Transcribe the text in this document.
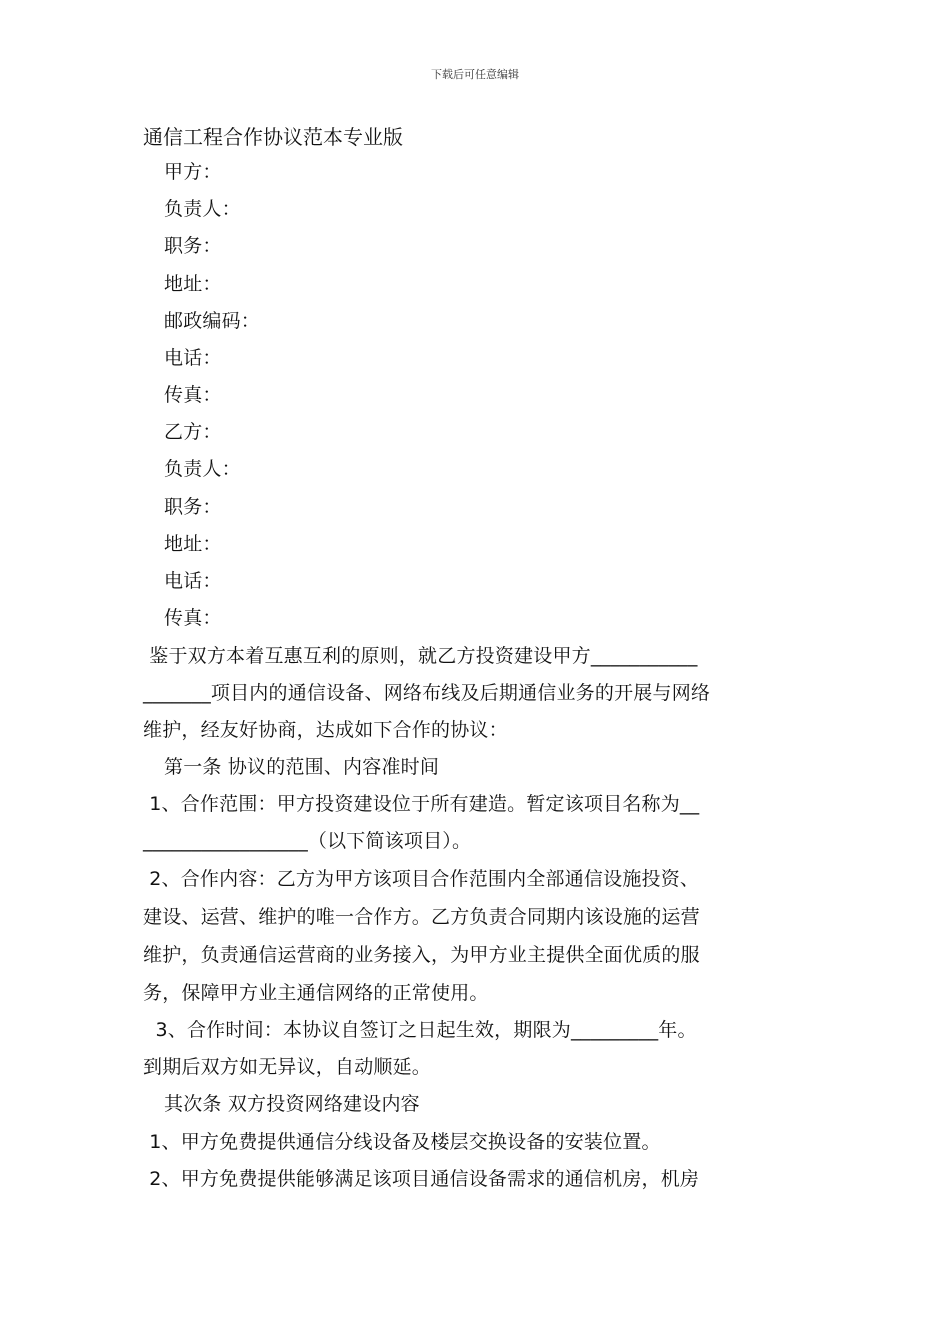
下载后可任意编辑
通信工程合作协议范本专业版
甲方：
负责人：
职务：
地址：
邮政编码：
电话：
传真：
乙方：
负责人：
职务：
地址：
电话：
传真：
鉴于双方本着互惠互利的原则，就乙方投资建设甲方___________
_______项目内的通信设备、网络布线及后期通信业务的开展与网络
维护，经友好协商，达成如下合作的协议：
第一条 协议的范围、内容准时间
1、合作范围：甲方投资建设位于所有建造。暂定该项目名称为__
_________________（以下简该项目）。
2、合作内容：乙方为甲方该项目合作范围内全部通信设施投资、
建设、运营、维护的唯一合作方。乙方负责合同期内该设施的运营
维护，负责通信运营商的业务接入，为甲方业主提供全面优质的服
务，保障甲方业主通信网络的正常使用。
3、合作时间：本协议自签订之日起生效，期限为_________年。
到期后双方如无异议，自动顺延。
其次条 双方投资网络建设内容
1、甲方免费提供通信分线设备及楼层交换设备的安装位置。
2、甲方免费提供能够满足该项目通信设备需求的通信机房，机房
